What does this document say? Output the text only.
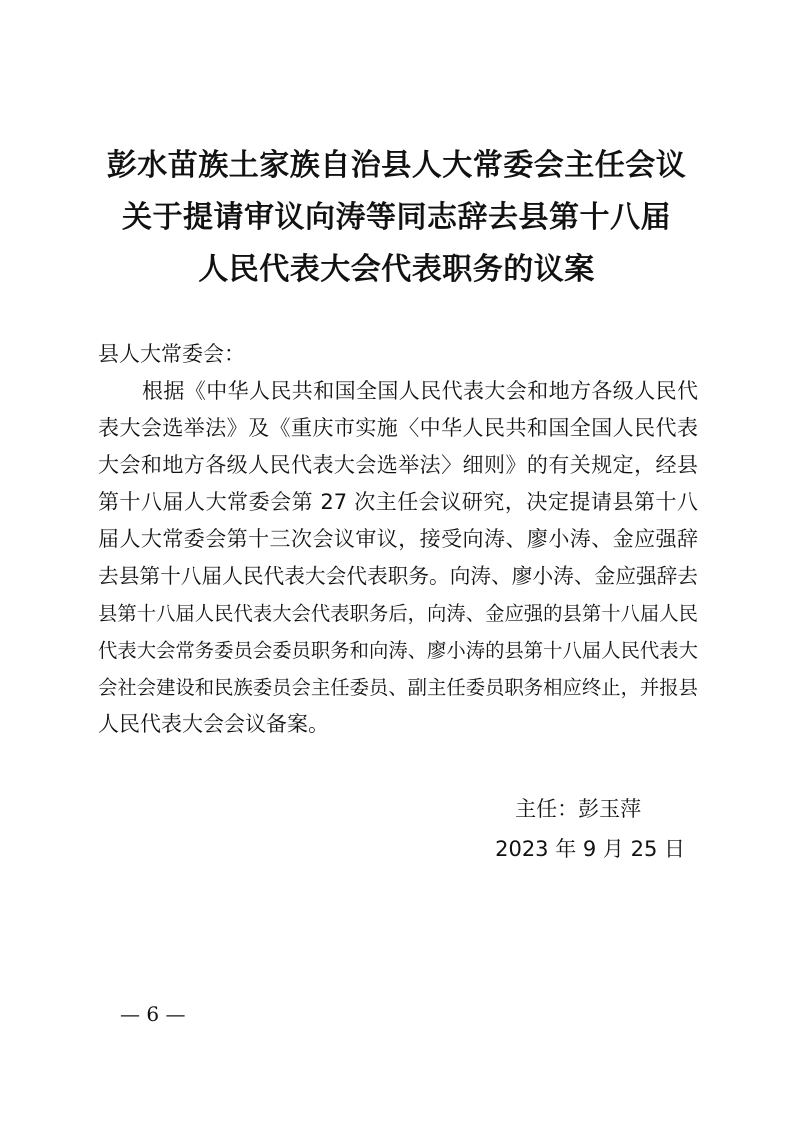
彭水苗族土家族自治县人大常委会主任会议
关于提请审议向涛等同志辞去县第十八届
人民代表大会代表职务的议案
县人大常委会：
根据《中华人民共和国全国人民代表大会和地方各级人民代
表大会选举法》及《重庆市实施〈中华人民共和国全国人民代表
大会和地方各级人民代表大会选举法〉细则》的有关规定，经县
第十八届人大常委会第 27 次主任会议研究，决定提请县第十八
届人大常委会第十三次会议审议，接受向涛、廖小涛、金应强辞
去县第十八届人民代表大会代表职务。向涛、廖小涛、金应强辞去
县第十八届人民代表大会代表职务后，向涛、金应强的县第十八届人民
代表大会常务委员会委员职务和向涛、廖小涛的县第十八届人民代表大
会社会建设和民族委员会主任委员、副主任委员职务相应终止，并报县
人民代表大会会议备案。
主任：彭玉萍
2023 年 9 月 25 日
— 6 —
